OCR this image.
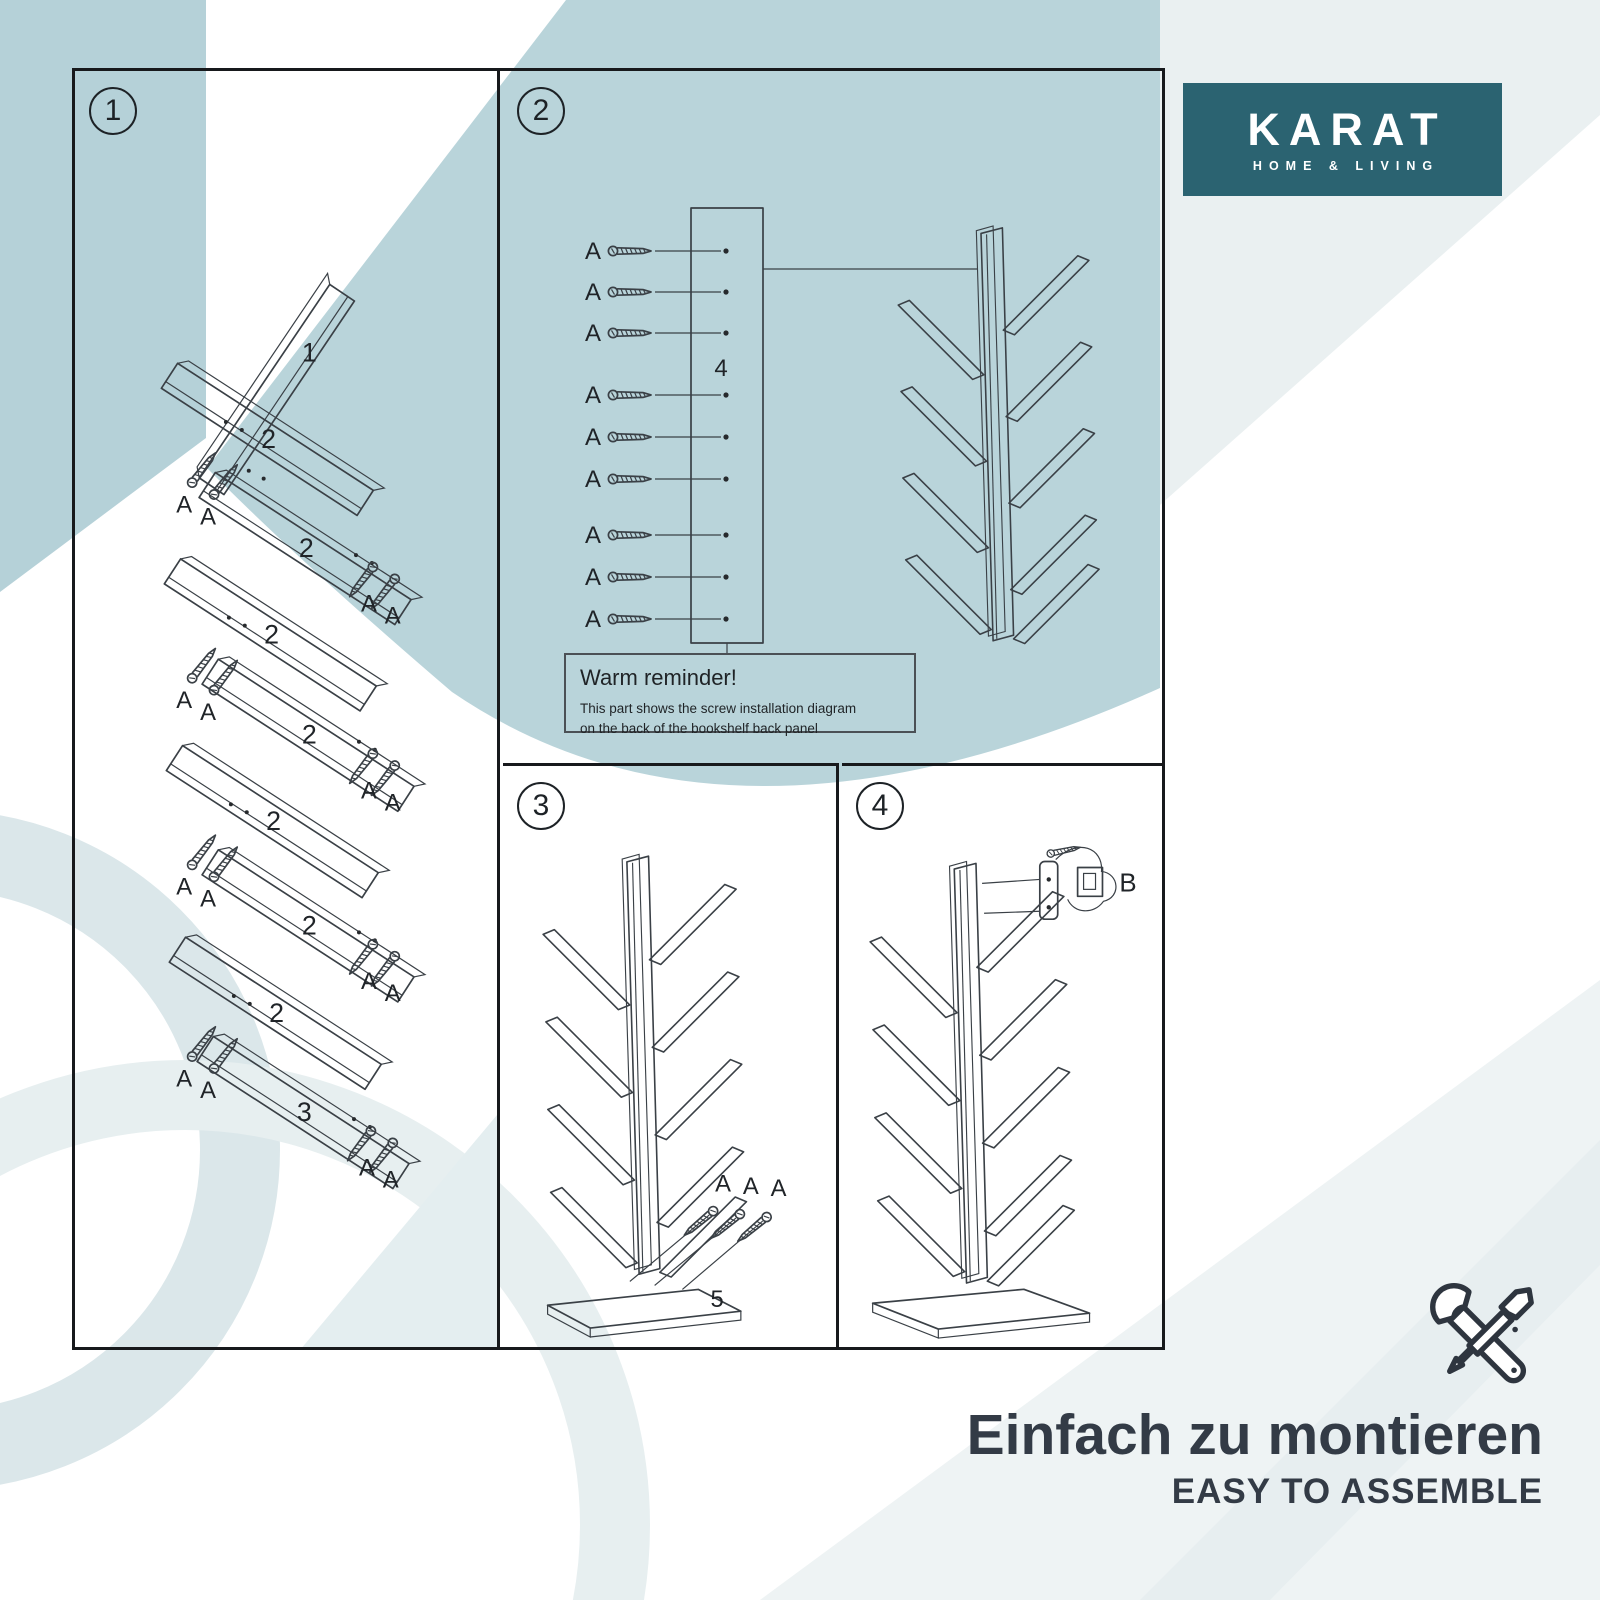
1
1
2
A A
2
A A
2
A A
2
A A
2
A A
2
A A
2
A A
3
A A
2
4
A
A
A
A
A
A
A
A
A
Warm reminder!

This part shows the screw installation diagram

on the back of the bookshelf back panel

3
5
A A A
4
B
KARAT
HOME & LIVING
Einfach zu montieren
EASY TO ASSEMBLE
